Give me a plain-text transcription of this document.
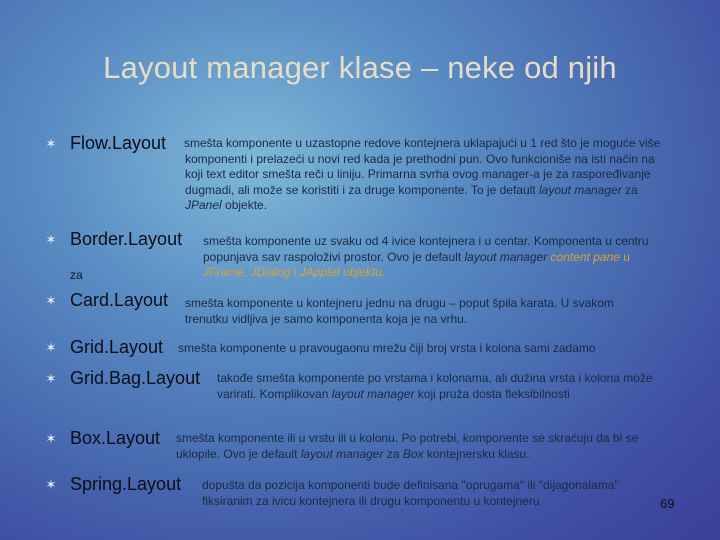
Layout manager klase – neke od njih
✶ Flow.Layout smešta komponente u uzastopne redove kontejnera uklapajući u 1 red što je moguće više komponenti i prelazeći u novi red kada je prethodni pun. Ovo funkcioniše na isti način na koji text editor smešta reči u liniju. Primarna svrha ovog manager-a je za raspoređivanje dugmadi, ali može se koristiti i za druge komponente. To je default layout manager za JPanel objekte.
✶ Border.Layout smešta komponente uz svaku od 4 ivice kontejnera i u centar. Komponenta u centru popunjava sav raspoloživi prostor. Ovo je default layout manager content pane u JFrame, JDialog i JApplet objektu.
za
✶ Card.Layout smešta komponente u kontejneru jednu na drugu – poput špila karata. U svakom trenutku vidljiva je samo komponenta koja je na vrhu.
✶ Grid.Layout smešta komponente u pravougaonu mrežu čiji broj vrsta i kolona sami zadamo
✶ Grid.Bag.Layout takođe smešta komponente po vrstama i kolonama, ali dužina vrsta i kolona može varirati. Komplikovan layout manager koji pruža dosta fleksibilnosti
✶ Box.Layout smešta komponente ili u vrstu ili u kolonu. Po potrebi, komponente se skraćuju da bi se uklopile. Ovo je default layout manager za Box kontejnersku klasu.
✶ Spring.Layout dopušta da pozicija komponenti bude definisana "oprugama" ili "dijagonalama" fiksiranim za ivicu kontejnera ili drugu komponentu u kontejneru	69
